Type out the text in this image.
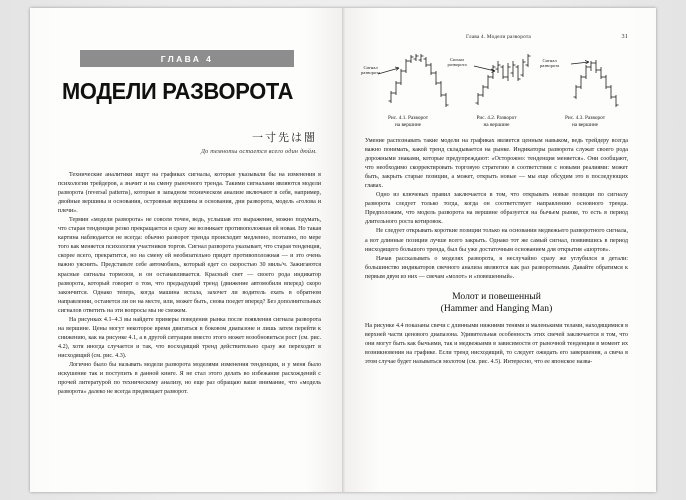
ГЛАВА 4
МОДЕЛИ РАЗВОРОТА
一寸先は闇
До темноты остается всего один дюйм.

Технические аналитики ищут на графиках сигналы, которые указывали бы на изменения в психологии трейдеров, а значит и на смену рыночного тренда. Такими сигналами являются модели разворота (reversal patterns), которые в западном техническом анализе включают в себя, например, двойные вершины и основания, островные вершины и основания, дни разворота, модель «голова и плечи».

Термин «модели разворота» не совсем точен, ведь, услышав это выражение, можно подумать, что старая тенденция резко прекращается и сразу же возникает противоположная ей новая. Но такая картина наблюдается не всегда: обычно разворот тренда происходит медленно, поэтапно, по мере того как меняется психология участников торгов. Сигнал разворота указывает, что старая тенденция, скорее всего, прекратится, но на смену ей необязательно придет противоположная — и это очень важно уяснить. Представьте себе автомобиль, который едет со скоростью 30 миль/ч. Зажигаются красные сигналы тормозов, и он останавливается. Красный свет — своего рода индикатор разворота, который говорит о том, что предыдущий тренд (движение автомобиля вперед) скоро закончится. Однако теперь, когда машина встала, захочет ли водитель ехать в обратном направлении, останется ли он на месте, или, может быть, снова поедет вперед? Без дополнительных сигналов ответить на эти вопросы мы не сможем.

На рисунках 4.1–4.3 вы найдете примеры поведения рынка после появления сигнала разворота на вершине. Цены могут некоторое время двигаться в боковом диапазоне и лишь затем перейти к снижению, как на рисунке 4.1, а в другой ситуации вместо этого может возобновиться рост (см. рис. 4.2), хотя иногда случается и так, что восходящий тренд действительно сразу же переходит в нисходящий (см. рис. 4.3).

Логично было бы называть модели разворота моделями изменения тенденции, и у меня было искушение так и поступить в данной книге. Я не стал этого делать во избежание расхождений с прочей литературой по техническому анализу, но еще раз обращаю ваше внимание, что «модель разворота» далеко не всегда предвещает разворот.

Глава 4. Модели разворота	31
Сигнал
разворота
Рис. 4.1. Разворот
на вершине
Сигнал
разворота
Рис. 4.2. Разворот
на вершине
Сигнал
разворота
Рис. 4.3. Разворот
на вершине

Умение распознавать такие модели на графиках является ценным навыком, ведь трейдеру всегда важно понимать, какой тренд складывается на рынке. Индикаторы разворота служат своего рода дорожными знаками, которые предупреждают: «Осторожно: тенденция меняется». Они сообщают, что необходимо скорректировать торговую стратегию в соответствии с новыми реалиями: может быть, закрыть старые позиции, а может, открыть новые — мы еще обсудим это в последующих главах.

Одно из ключевых правил заключается в том, что открывать новые позиции по сигналу разворота следует только тогда, когда он соответствует направлению основного тренда. Предположим, что модель разворота на вершине образуется на бычьем рынке, то есть в период длительного роста котировок.

Не следует открывать короткие позиции только на основании медвежьего разворотного сигнала, а вот длинные позиции лучше всего закрыть. Однако тот же самый сигнал, появившись в период нисходящего большого тренда, был бы уже достаточным основанием для открытия «шортов».

Начав рассказывать о моделях разворота, я неслучайно сразу же углубился в детали: большинство индикаторов свечного анализа являются как раз разворотными. Давайте обратимся к первым двум из них — свечам «молот» и «повешенный».

Молот и повешенный
(Hammer and Hanging Man)

На рисунке 4.4 показаны свечи с длинными нижними тенями и маленькими телами, находящимися в верхней части ценового диапазона. Удивительная особенность этих свечей заключается в том, что они могут быть как бычьими, так и медвежьими в зависимости от рыночной тенденции в момент их возникновения на графике. Если тренд нисходящий, то следует ожидать его завершения, а свеча в этом случае будет называться молотом (см. рис. 4.5). Интересно, что ее японское назва-
